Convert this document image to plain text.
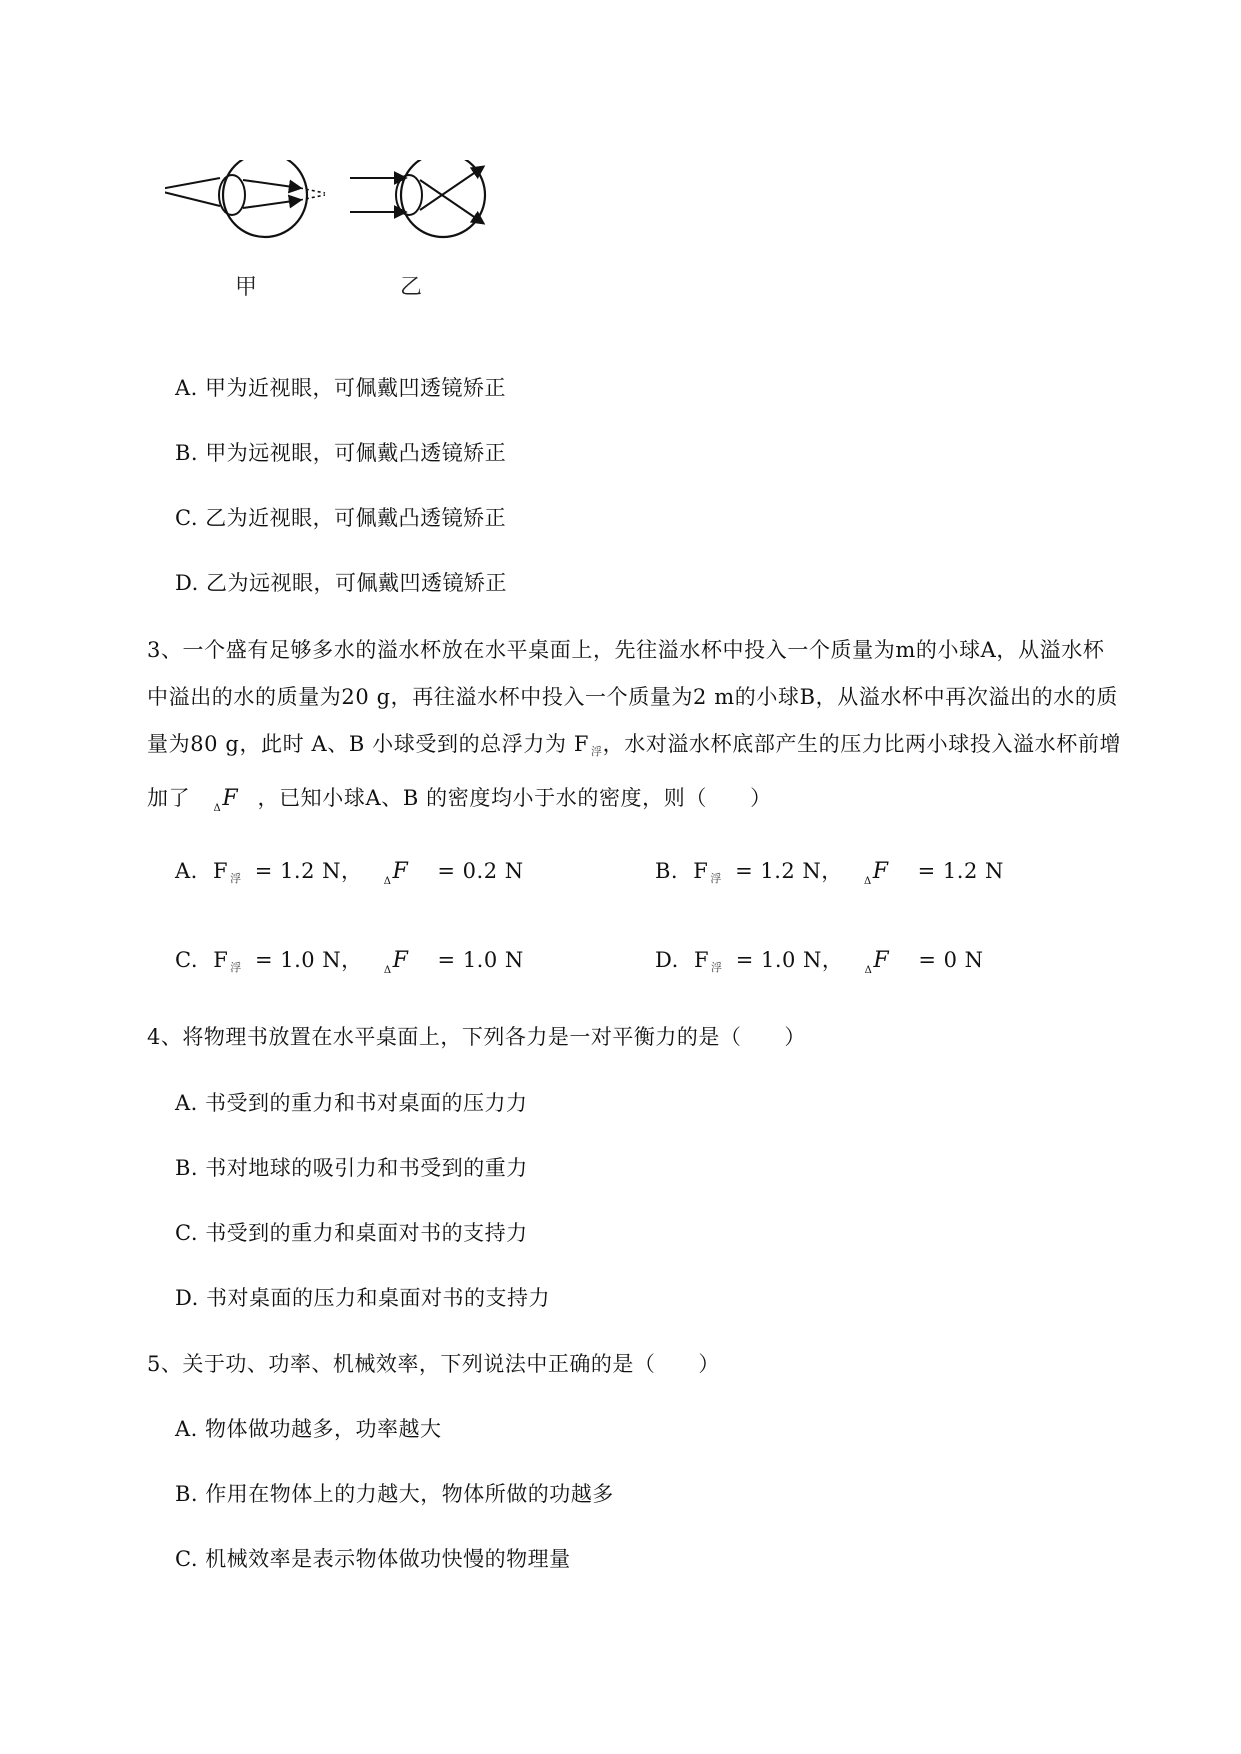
甲	乙
A. 甲为近视眼，可佩戴凹透镜矫正
B. 甲为远视眼，可佩戴凸透镜矫正
C. 乙为近视眼，可佩戴凸透镜矫正
D. 乙为远视眼，可佩戴凹透镜矫正
3、一个盛有足够多水的溢水杯放在水平桌面上，先往溢水杯中投入一个质量为m的小球A，从溢水杯
中溢出的水的质量为20 g，再往溢水杯中投入一个质量为2 m的小球B，从溢水杯中再次溢出的水的质
量为80 g，此时 A、B 小球受到的总浮力为 F $_浮$，水对溢水杯底部产生的压力比两小球投入溢水杯前增
加了 $_\Delta$F ，已知小球A、B 的密度均小于水的密度，则（　　）
A. F $_浮$ = 1.2 N， $_\Delta$F = 0.2 N	B. F $_浮$ = 1.2 N， $_\Delta$F = 1.2 N
C. F $_浮$ = 1.0 N， $_\Delta$F = 1.0 N	D. F $_浮$ = 1.0 N， $_\Delta$F = 0 N
4、将物理书放置在水平桌面上，下列各力是一对平衡力的是（　　）
A. 书受到的重力和书对桌面的压力力
B. 书对地球的吸引力和书受到的重力
C. 书受到的重力和桌面对书的支持力
D. 书对桌面的压力和桌面对书的支持力
5、关于功、功率、机械效率，下列说法中正确的是（　　）
A. 物体做功越多，功率越大
B. 作用在物体上的力越大，物体所做的功越多
C. 机械效率是表示物体做功快慢的物理量
